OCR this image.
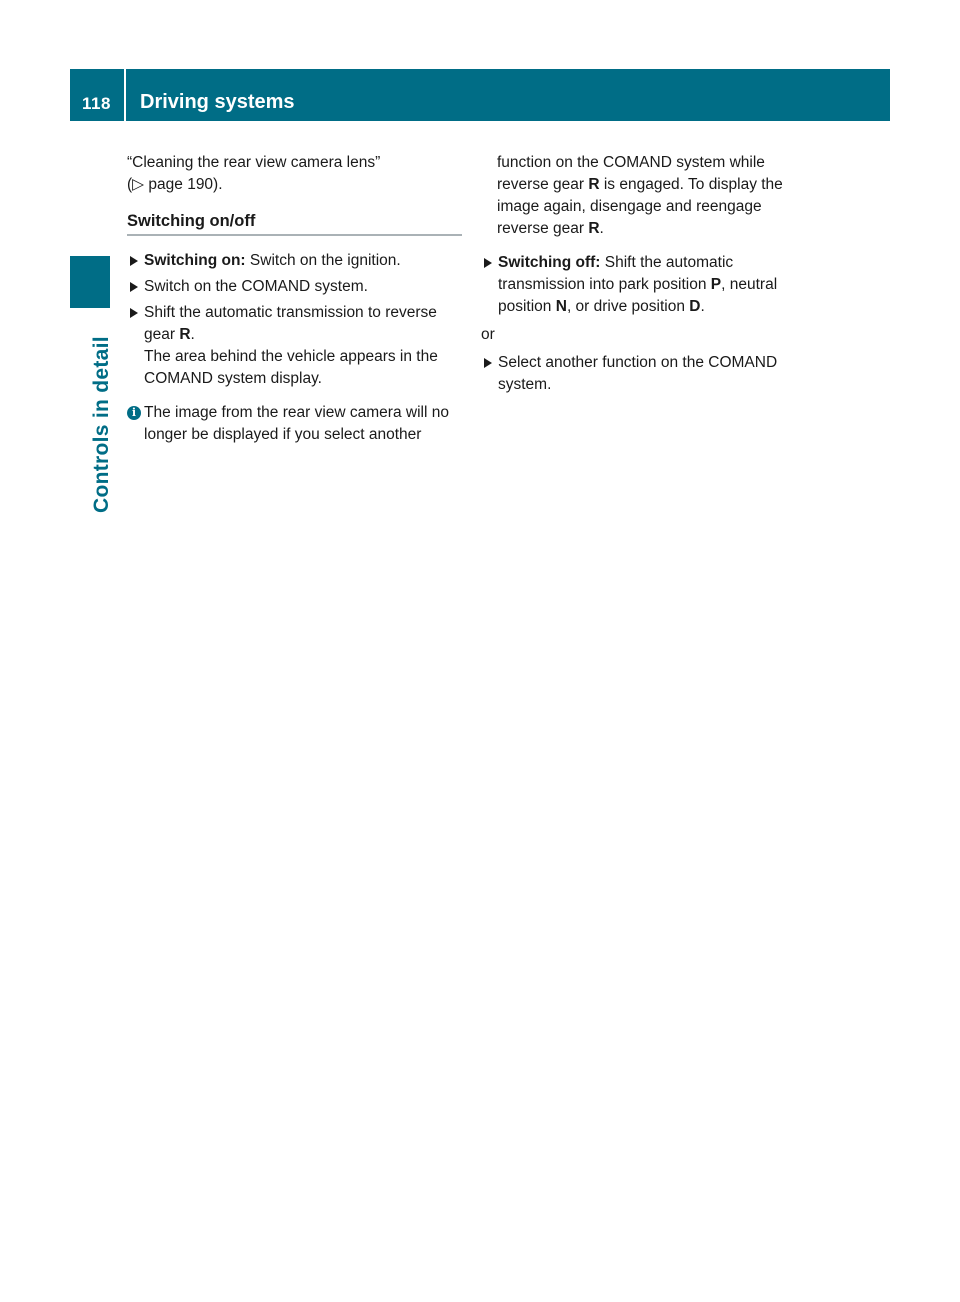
118 Driving systems
Controls in detail

“Cleaning the rear view camera lens”
(▷ page 190).

Switching on/off
Switching on: Switch on the ignition.
Switch on the COMAND system.
Shift the automatic transmission to reverse gear R.
The area behind the vehicle appears in the COMAND system display.
i The image from the rear view camera will no longer be displayed if you select another

function on the COMAND system while reverse gear R is engaged. To display the image again, disengage and reengage reverse gear R.

Switching off: Shift the automatic transmission into park position P, neutral position N, or drive position D.
or
Select another function on the COMAND system.
